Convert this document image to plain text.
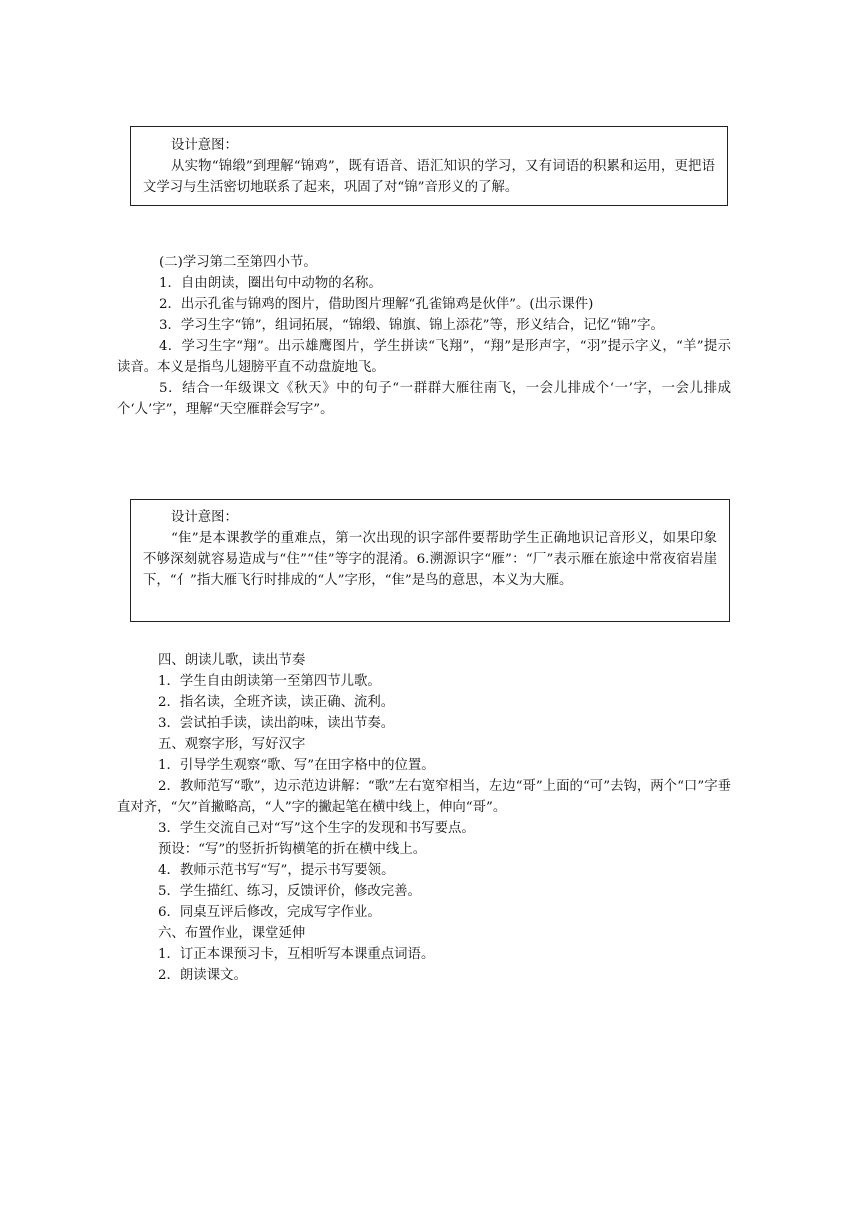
设计意图：

从实物“锦缎”到理解“锦鸡”，既有语音、语汇知识的学习，又有词语的积累和运用，更把语文学习与生活密切地联系了起来，巩固了对“锦”音形义的了解。

(二)学习第二至第四小节。

1．自由朗读，圈出句中动物的名称。

2．出示孔雀与锦鸡的图片，借助图片理解“孔雀锦鸡是伙伴”。(出示课件)

3．学习生字“锦”，组词拓展，“锦缎、锦旗、锦上添花”等，形义结合，记忆“锦”字。

4．学习生字“翔”。出示雄鹰图片，学生拼读“飞翔”，“翔”是形声字，“羽”提示字义，“羊”提示读音。本义是指鸟儿翅膀平直不动盘旋地飞。

5．结合一年级课文《秋天》中的句子“一群群大雁往南飞，一会儿排成个‘一’字，一会儿排成个‘人’字”，理解“天空雁群会写字”。

设计意图：

“隹”是本课教学的重难点，第一次出现的识字部件要帮助学生正确地识记音形义，如果印象不够深刻就容易造成与“住”“佳”等字的混淆。6.溯源识字“雁”：“厂”表示雁在旅途中常夜宿岩崖下，“亻”指大雁飞行时排成的“人”字形，“隹”是鸟的意思，本义为大雁。

四、朗读儿歌，读出节奏

1．学生自由朗读第一至第四节儿歌。

2．指名读，全班齐读，读正确、流利。

3．尝试拍手读，读出韵味，读出节奏。

五、观察字形，写好汉字

1．引导学生观察“歌、写”在田字格中的位置。

2．教师范写“歌”，边示范边讲解：“歌”左右宽窄相当，左边“哥”上面的“可”去钩，两个“口”字垂直对齐，“欠”首撇略高，“人”字的撇起笔在横中线上，伸向“哥”。

3．学生交流自己对“写”这个生字的发现和书写要点。

预设：“写”的竖折折钩横笔的折在横中线上。

4．教师示范书写“写”，提示书写要领。

5．学生描红、练习，反馈评价，修改完善。

6．同桌互评后修改，完成写字作业。

六、布置作业，课堂延伸

1．订正本课预习卡，互相听写本课重点词语。

2．朗读课文。
